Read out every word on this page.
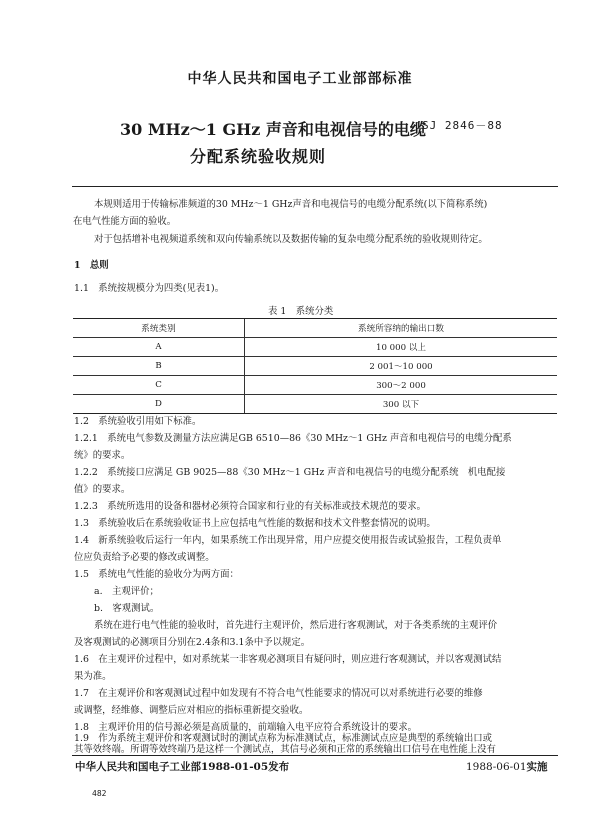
中华人民共和国电子工业部部标准
30 MHz～1 GHz 声音和电视信号的电缆
分配系统验收规则
SJ 2846－88
本规则适用于传输标准频道的30 MHz～1 GHz声音和电视信号的电缆分配系统(以下简称系统)
在电气性能方面的验收。
对于包括增补电视频道系统和双向传输系统以及数据传输的复杂电缆分配系统的验收规则待定。
1　总则
1.1　系统按规模分为四类(见表1)。
表 1　系统分类
系统类别	系统所容纳的输出口数
A	10 000 以上
B	2 001～10 000
C	300～2 000
D	300 以下
1.2　系统验收引用如下标准。
1.2.1　系统电气参数及测量方法应满足GB 6510—86《30 MHz～1 GHz 声音和电视信号的电缆分配系
统》的要求。
1.2.2　系统接口应满足 GB 9025—88《30 MHz～1 GHz 声音和电视信号的电缆分配系统　机电配接
值》的要求。
1.2.3　系统所选用的设备和器材必须符合国家和行业的有关标准或技术规范的要求。
1.3　系统验收后在系统验收证书上应包括电气性能的数据和技术文件整套情况的说明。
1.4　新系统验收后运行一年内，如果系统工作出现异常，用户应提交使用报告或试验报告，工程负责单
位应负责给予必要的修改或调整。
1.5　系统电气性能的验收分为两方面：
a.　主观评价；
b.　客观测试。
系统在进行电气性能的验收时，首先进行主观评价，然后进行客观测试，对于各类系统的主观评价
及客观测试的必测项目分别在2.4条和3.1条中予以规定。
1.6　在主观评价过程中，如对系统某一非客观必测项目有疑问时，则应进行客观测试，并以客观测试结
果为准。
1.7　在主观评价和客观测试过程中如发现有不符合电气性能要求的情况可以对系统进行必要的维修
或调整，经维修、调整后应对相应的指标重新提交验收。
1.8　主观评价用的信号源必须是高质量的，前端输入电平应符合系统设计的要求。
1.9　作为系统主观评价和客观测试时的测试点称为标准测试点，标准测试点应是典型的系统输出口或
其等效终端。所谓等效终端乃是这样一个测试点，其信号必须和正常的系统输出口信号在电性能上没有
中华人民共和国电子工业部1988-01-05发布	1988-06-01实施
482
